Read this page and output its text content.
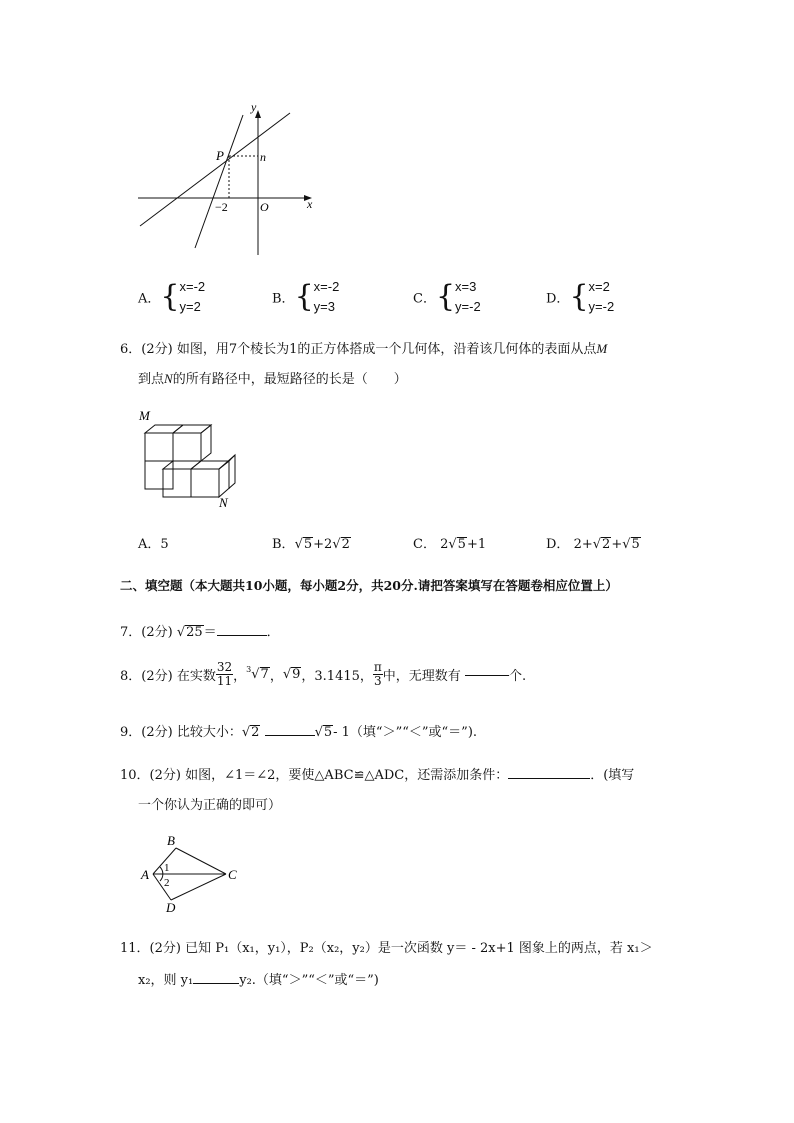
y
x
P	n
O
−2
A．{x=-2
y=2	B．{x=-2
y=3	C．{x=3
y=-2	D．{x=2
y=-2
6．(2分) 如图，用7个棱长为1的正方体搭成一个几何体，沿着该几何体的表面从点M
到点N的所有路径中，最短路径的长是（　　）
M
N
A．5	B．√5+2√2	C． 2√5+1	D． 2+√2+√5
二、填空题（本大题共10小题，每小题2分，共20分.请把答案填写在答题卷相应位置上）
7．(2分) √25＝	．
8．(2分) 在实数 $\frac{32}{11}$ ，$^3$√7，√9，3.1415， $\frac{\pi}{3}$ 中，无理数有	个.
9．(2分) 比较大小：√2	√5- 1（填“＞”“＜”或“＝”).
10．(2分) 如图，∠1＝∠2，要使△ABC≌△ADC，还需添加条件：	．(填写
一个你认为正确的即可）
B
A	C
D
1
2
11．(2分) 已知 P₁（x₁，y₁），P₂（x₂，y₂）是一次函数 y＝ - 2x+1 图象上的两点，若 x₁＞
x₂，则 y₁	y₂.（填“＞”“＜”或“＝”)
